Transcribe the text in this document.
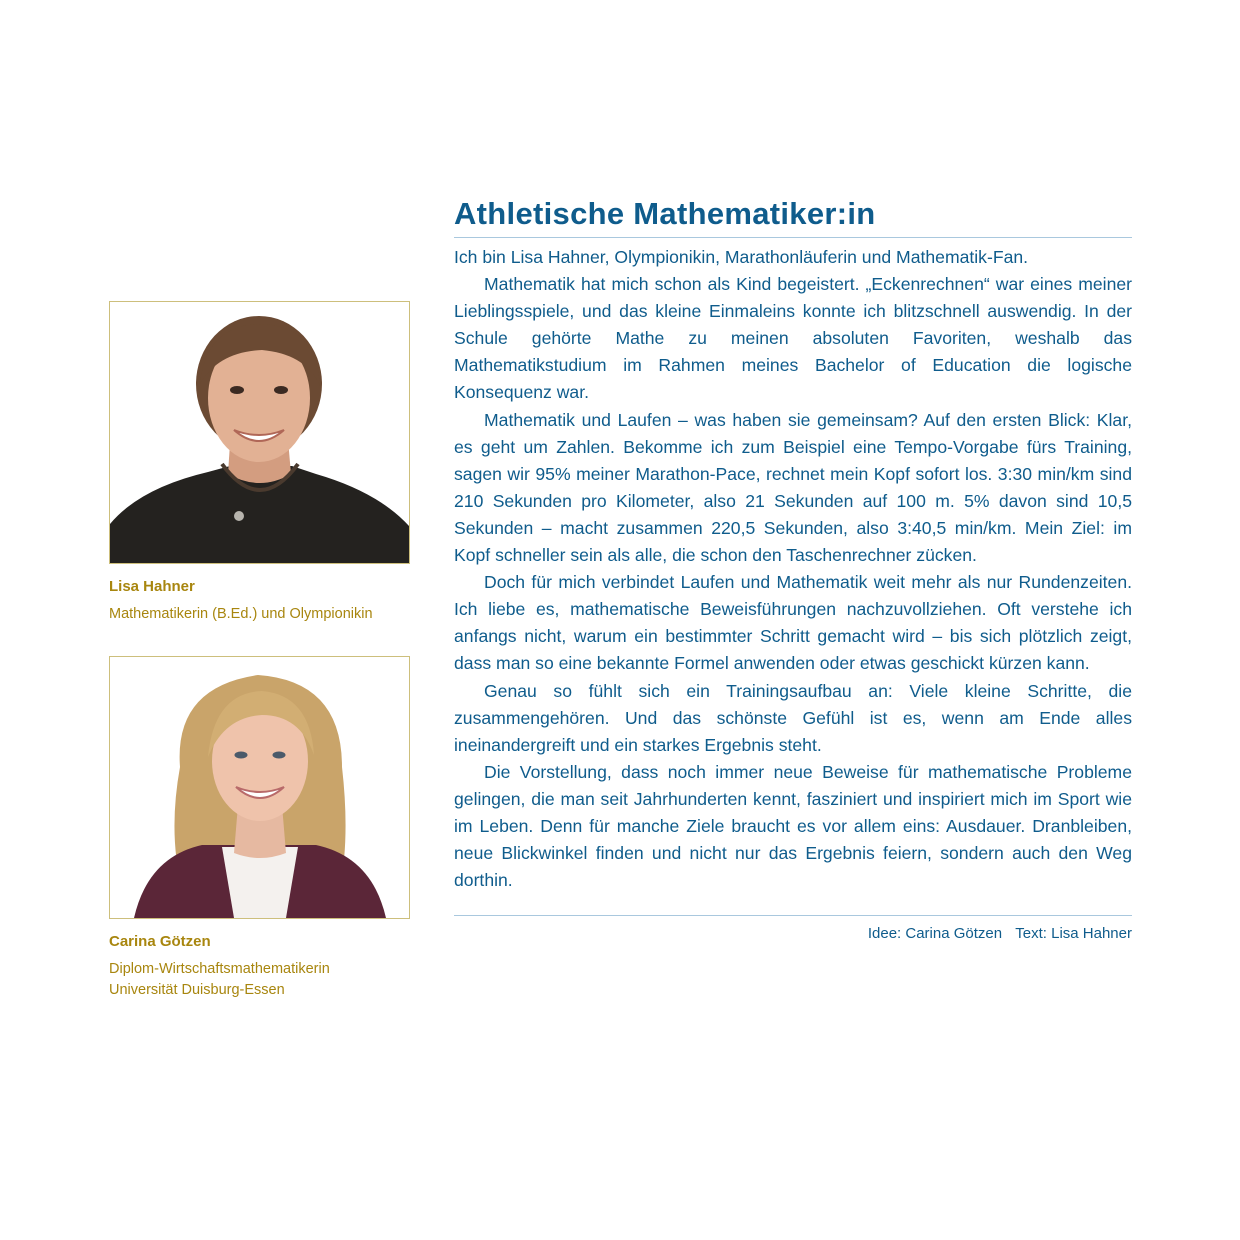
Lisa Hahner
Mathematikerin (B.Ed.) und Olympionikin
Carina Götzen
Diplom-Wirtschaftsmathematikerin
Universität Duisburg-Essen
Athletische Mathematiker:in

Ich bin Lisa Hahner, Olympionikin, Marathonläuferin und Mathematik-Fan.

Mathematik hat mich schon als Kind begeistert. „Eckenrechnen“ war eines meiner Lieblingsspiele, und das kleine Einmaleins konnte ich blitzschnell auswendig. In der Schule gehörte Mathe zu meinen absoluten Favoriten, weshalb das Mathematikstudium im Rahmen meines Bachelor of Education die logische Konsequenz war.

Mathematik und Laufen – was haben sie gemeinsam? Auf den ersten Blick: Klar, es geht um Zahlen. Bekomme ich zum Beispiel eine Tempo-Vorgabe fürs Training, sagen wir 95% meiner Marathon-Pace, rechnet mein Kopf sofort los. 3:30 min/km sind 210 Sekunden pro Kilometer, also 21 Sekunden auf 100 m. 5% davon sind 10,5 Sekunden – macht zusammen 220,5 Sekunden, also 3:40,5 min/km. Mein Ziel: im Kopf schneller sein als alle, die schon den Taschenrechner zücken.

Doch für mich verbindet Laufen und Mathematik weit mehr als nur Rundenzeiten. Ich liebe es, mathematische Beweisführungen nachzuvollziehen. Oft verstehe ich anfangs nicht, warum ein bestimmter Schritt gemacht wird – bis sich plötzlich zeigt, dass man so eine bekannte Formel anwenden oder etwas geschickt kürzen kann.

Genau so fühlt sich ein Trainingsaufbau an: Viele kleine Schritte, die zusammengehören. Und das schönste Gefühl ist es, wenn am Ende alles ineinandergreift und ein starkes Ergebnis steht.

Die Vorstellung, dass noch immer neue Beweise für mathematische Probleme gelingen, die man seit Jahrhunderten kennt, fasziniert und inspiriert mich im Sport wie im Leben. Denn für manche Ziele braucht es vor allem eins: Ausdauer. Dranbleiben, neue Blickwinkel finden und nicht nur das Ergebnis feiern, sondern auch den Weg dorthin.

Idee: Carina Götzen Text: Lisa Hahner
